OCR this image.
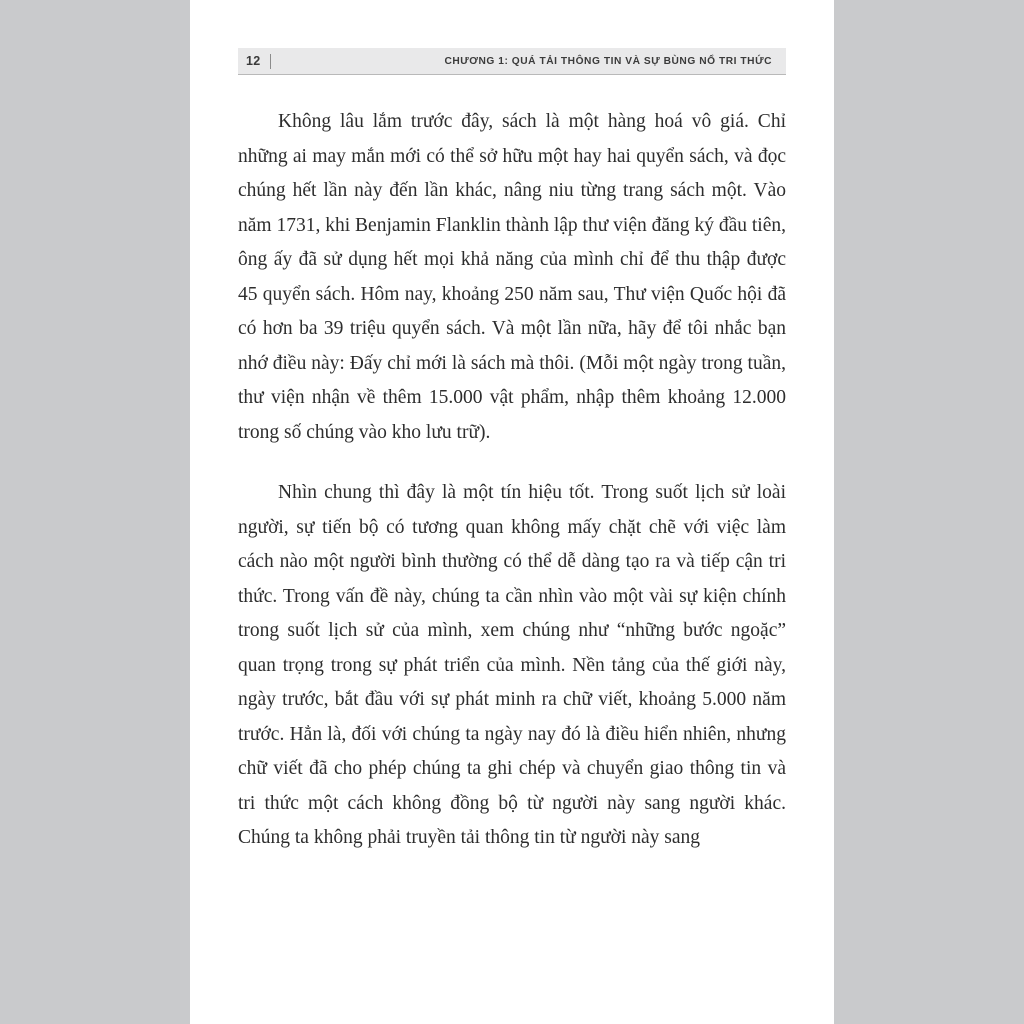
12	CHƯƠNG 1: QUÁ TẢI THÔNG TIN VÀ SỰ BÙNG NỔ TRI THỨC

Không lâu lắm trước đây, sách là một hàng hoá vô giá. Chỉ những ai may mắn mới có thể sở hữu một hay hai quyển sách, và đọc chúng hết lần này đến lần khác, nâng niu từng trang sách một. Vào năm 1731, khi Benjamin Flanklin thành lập thư viện đăng ký đầu tiên, ông ấy đã sử dụng hết mọi khả năng của mình chỉ để thu thập được 45 quyển sách. Hôm nay, khoảng 250 năm sau, Thư viện Quốc hội đã có hơn ba 39 triệu quyển sách. Và một lần nữa, hãy để tôi nhắc bạn nhớ điều này: Đấy chỉ mới là sách mà thôi. (Mỗi một ngày trong tuần, thư viện nhận về thêm 15.000 vật phẩm, nhập thêm khoảng 12.000 trong số chúng vào kho lưu trữ).

Nhìn chung thì đây là một tín hiệu tốt. Trong suốt lịch sử loài người, sự tiến bộ có tương quan không mấy chặt chẽ với việc làm cách nào một người bình thường có thể dễ dàng tạo ra và tiếp cận tri thức. Trong vấn đề này, chúng ta cần nhìn vào một vài sự kiện chính trong suốt lịch sử của mình, xem chúng như “những bước ngoặc” quan trọng trong sự phát triển của mình. Nền tảng của thế giới này, ngày trước, bắt đầu với sự phát minh ra chữ viết, khoảng 5.000 năm trước. Hẳn là, đối với chúng ta ngày nay đó là điều hiển nhiên, nhưng chữ viết đã cho phép chúng ta ghi chép và chuyển giao thông tin và tri thức một cách không đồng bộ từ người này sang người khác. Chúng ta không phải truyền tải thông tin từ người này sang
